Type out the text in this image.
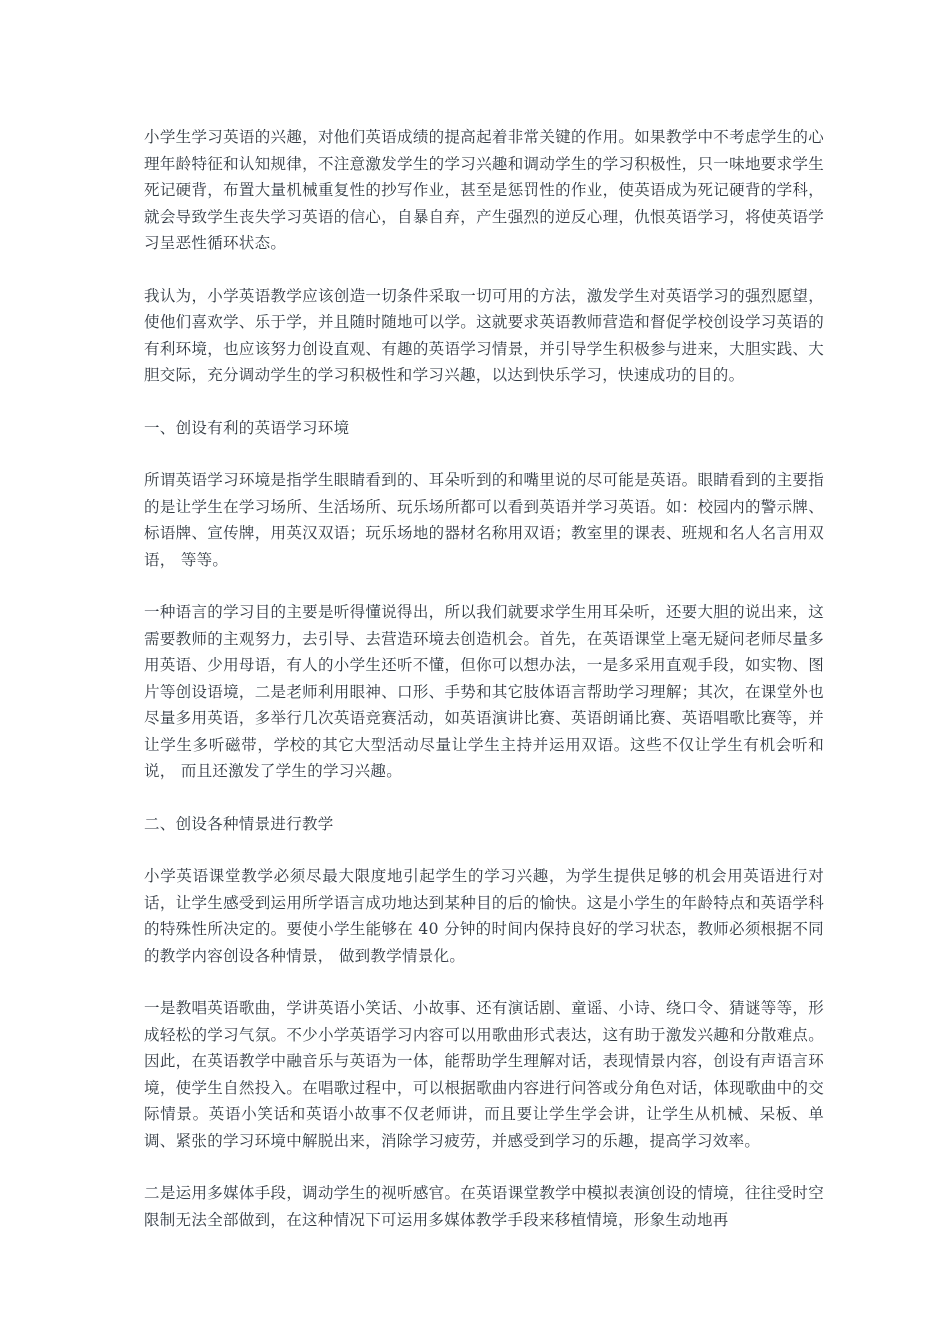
小学生学习英语的兴趣，对他们英语成绩的提高起着非常关键的作用。如果教学中不考虑学生的心理年龄特征和认知规律，不注意激发学生的学习兴趣和调动学生的学习积极性，只一味地要求学生死记硬背，布置大量机械重复性的抄写作业，甚至是惩罚性的作业，使英语成为死记硬背的学科，就会导致学生丧失学习英语的信心，自暴自弃，产生强烈的逆反心理，仇恨英语学习，将使英语学习呈恶性循环状态。

我认为，小学英语教学应该创造一切条件采取一切可用的方法，激发学生对英语学习的强烈愿望，使他们喜欢学、乐于学，并且随时随地可以学。这就要求英语教师营造和督促学校创设学习英语的有利环境，也应该努力创设直观、有趣的英语学习情景，并引导学生积极参与进来，大胆实践、大胆交际，充分调动学生的学习积极性和学习兴趣，以达到快乐学习，快速成功的目的。

一、创设有利的英语学习环境

所谓英语学习环境是指学生眼睛看到的、耳朵听到的和嘴里说的尽可能是英语。眼睛看到的主要指的是让学生在学习场所、生活场所、玩乐场所都可以看到英语并学习英语。如：校园内的警示牌、标语牌、宣传牌，用英汉双语；玩乐场地的器材名称用双语；教室里的课表、班规和名人名言用双语， 等等。

一种语言的学习目的主要是听得懂说得出，所以我们就要求学生用耳朵听，还要大胆的说出来，这需要教师的主观努力，去引导、去营造环境去创造机会。首先，在英语课堂上毫无疑问老师尽量多用英语、少用母语，有人的小学生还听不懂，但你可以想办法，一是多采用直观手段，如实物、图片等创设语境，二是老师利用眼神、口形、手势和其它肢体语言帮助学习理解；其次，在课堂外也尽量多用英语，多举行几次英语竞赛活动，如英语演讲比赛、英语朗诵比赛、英语唱歌比赛等，并让学生多听磁带，学校的其它大型活动尽量让学生主持并运用双语。这些不仅让学生有机会听和说， 而且还激发了学生的学习兴趣。

二、创设各种情景进行教学

小学英语课堂教学必须尽最大限度地引起学生的学习兴趣，为学生提供足够的机会用英语进行对话，让学生感受到运用所学语言成功地达到某种目的后的愉快。这是小学生的年龄特点和英语学科的特殊性所决定的。要使小学生能够在 40 分钟的时间内保持良好的学习状态，教师必须根据不同的教学内容创设各种情景， 做到教学情景化。

一是教唱英语歌曲，学讲英语小笑话、小故事、还有演话剧、童谣、小诗、绕口令、猜谜等等，形成轻松的学习气氛。不少小学英语学习内容可以用歌曲形式表达，这有助于激发兴趣和分散难点。因此，在英语教学中融音乐与英语为一体，能帮助学生理解对话，表现情景内容，创设有声语言环境，使学生自然投入。在唱歌过程中，可以根据歌曲内容进行问答或分角色对话，体现歌曲中的交际情景。英语小笑话和英语小故事不仅老师讲，而且要让学生学会讲，让学生从机械、呆板、单调、紧张的学习环境中解脱出来，消除学习疲劳，并感受到学习的乐趣，提高学习效率。

二是运用多媒体手段，调动学生的视听感官。在英语课堂教学中模拟表演创设的情境，往往受时空限制无法全部做到，在这种情况下可运用多媒体教学手段来移植情境，形象生动地再
